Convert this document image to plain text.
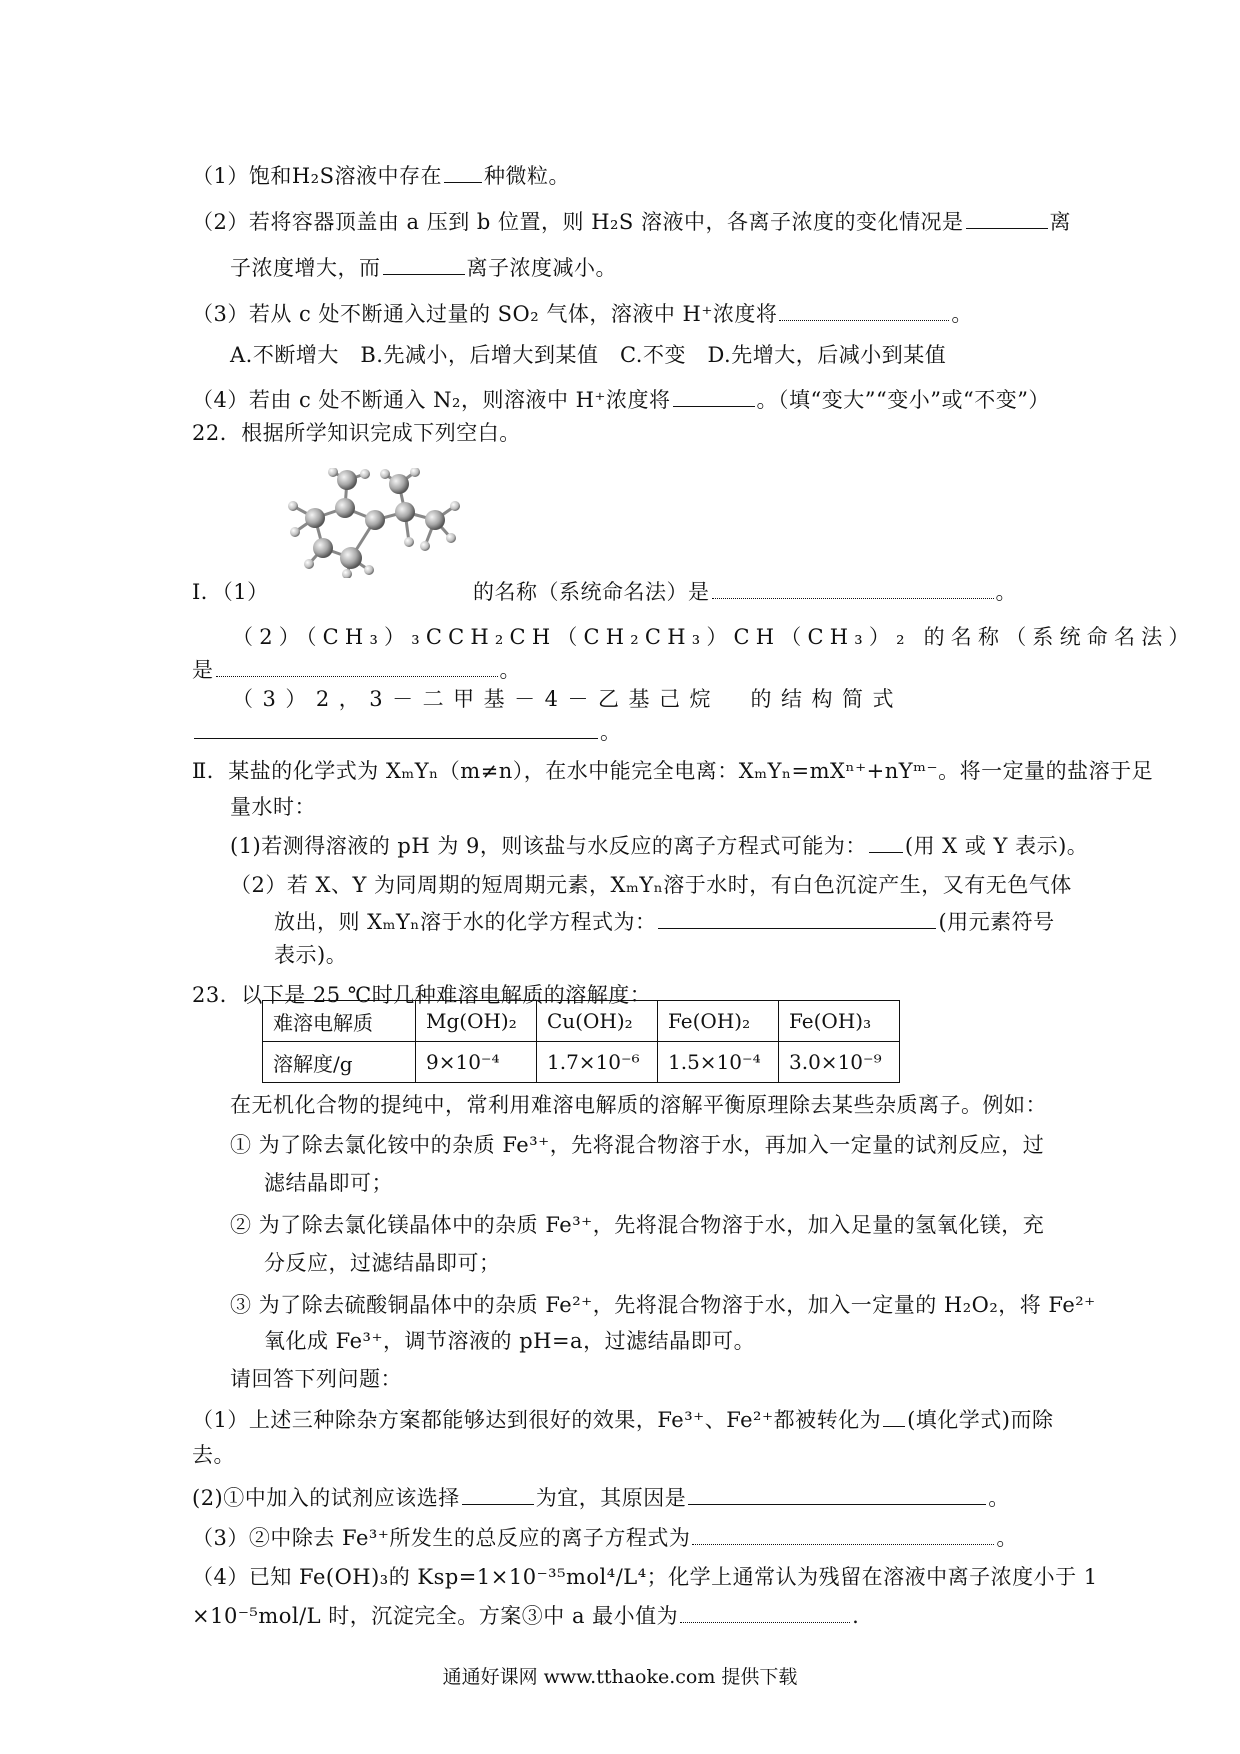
（1）饱和H₂S溶液中存在 种微粒。
（2）若将容器顶盖由 a 压到 b 位置，则 H₂S 溶液中，各离子浓度的变化情况是	离
子浓度增大，而	离子浓度减小。
（3）若从 c 处不断通入过量的 SO₂ 气体，溶液中 H⁺浓度将	。
A.不断增大　B.先减小，后增大到某值　C.不变　D.先增大，后减小到某值
（4）若由 c 处不断通入 N₂，则溶液中 H⁺浓度将	。（填“变大”“变小”或“不变”）
22．根据所学知识完成下列空白。
Ⅰ．（1）	的名称（系统命名法）是	。
（2）（CH₃）₃CCH₂CH（CH₂CH₃）CH（CH₃）₂ 的名称（系统命名法）
是	。
（3）2，3－二甲基－4－乙基己烷　的结构简式
。
Ⅱ．某盐的化学式为 XₘYₙ（m≠n），在水中能完全电离：XₘYₙ=mXⁿ⁺+nYᵐ⁻。将一定量的盐溶于足
量水时：
(1)若测得溶液的 pH 为 9，则该盐与水反应的离子方程式可能为： (用 X 或 Y 表示)。
（2）若 X、Y 为同周期的短周期元素，XₘYₙ溶于水时，有白色沉淀产生，又有无色气体
放出，则 XₘYₙ溶于水的化学方程式为：	(用元素符号
表示)。
23．以下是 25 ℃时几种难溶电解质的溶解度：
难溶电解质	Mg(OH)₂	Cu(OH)₂	Fe(OH)₂	Fe(OH)₃
溶解度/g	9×10⁻⁴	1.7×10⁻⁶	1.5×10⁻⁴	3.0×10⁻⁹
在无机化合物的提纯中，常利用难溶电解质的溶解平衡原理除去某些杂质离子。例如：
① 为了除去氯化铵中的杂质 Fe³⁺，先将混合物溶于水，再加入一定量的试剂反应，过
滤结晶即可；
② 为了除去氯化镁晶体中的杂质 Fe³⁺，先将混合物溶于水，加入足量的氢氧化镁，充
分反应，过滤结晶即可；
③ 为了除去硫酸铜晶体中的杂质 Fe²⁺，先将混合物溶于水，加入一定量的 H₂O₂，将 Fe²⁺
氧化成 Fe³⁺，调节溶液的 pH=a，过滤结晶即可。
请回答下列问题：
（1）上述三种除杂方案都能够达到很好的效果，Fe³⁺、Fe²⁺都被转化为 (填化学式)而除
去。
(2)①中加入的试剂应该选择	为宜，其原因是	。
（3）②中除去 Fe³⁺所发生的总反应的离子方程式为	。
（4）已知 Fe(OH)₃的 Ksp=1×10⁻³⁵mol⁴/L⁴；化学上通常认为残留在溶液中离子浓度小于 1
×10⁻⁵mol/L 时，沉淀完全。方案③中 a 最小值为	.
通通好课网 www.tthaoke.com 提供下载
